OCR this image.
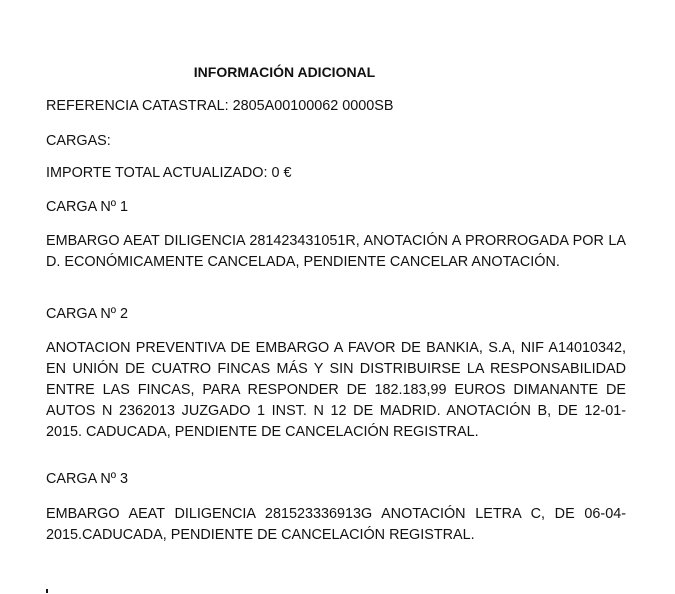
INFORMACIÓN ADICIONAL

REFERENCIA CATASTRAL: 2805A00100062 0000SB

CARGAS:

IMPORTE TOTAL ACTUALIZADO: 0 €

CARGA Nº 1

EMBARGO AEAT DILIGENCIA 281423431051R, ANOTACIÓN A PRORROGADA POR LA D. ECONÓMICAMENTE CANCELADA, PENDIENTE CANCELAR ANOTACIÓN.

CARGA Nº 2

ANOTACION PREVENTIVA DE EMBARGO A FAVOR DE BANKIA, S.A, NIF A14010342, EN UNIÓN DE CUATRO FINCAS MÁS Y SIN DISTRIBUIRSE LA RESPONSABILIDAD ENTRE LAS FINCAS, PARA RESPONDER DE 182.183,99 EUROS DIMANANTE DE AUTOS N 2362013 JUZGADO 1 INST. N 12 DE MADRID. ANOTACIÓN B, DE 12-01-2015. CADUCADA, PENDIENTE DE CANCELACIÓN REGISTRAL.

CARGA Nº 3

EMBARGO AEAT DILIGENCIA 281523336913G ANOTACIÓN LETRA C, DE 06-04-2015.CADUCADA, PENDIENTE DE CANCELACIÓN REGISTRAL.
